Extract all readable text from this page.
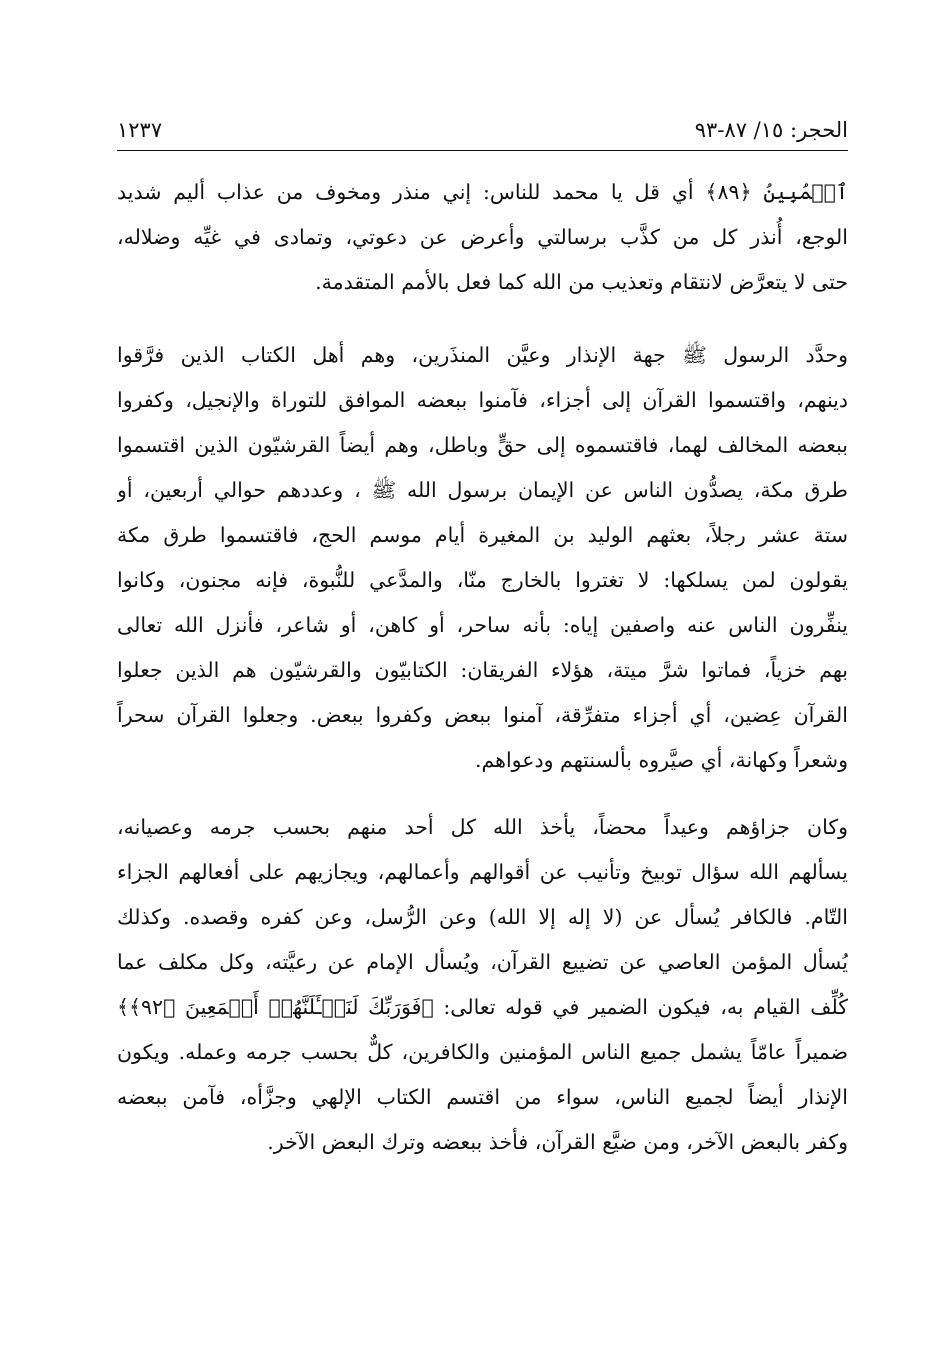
الحجر: ١٥/ ٨٧-٩٣
١٢٣٧
ٱلۡمُبِينُ ﴿٨٩﴾ أي قل يا محمد للناس: إني منذر ومخوف من عذاب أليم شديد
الوجع، أُنذر كل من كذَّب برسالتي وأعرض عن دعوتي، وتمادى في غيِّه وضلاله،
حتى لا يتعرَّض لانتقام وتعذيب من الله كما فعل بالأمم المتقدمة.
وحدَّد الرسول ﷺ جهة الإنذار وعيَّن المنذَرين، وهم أهل الكتاب الذين فرَّقوا
دينهم، واقتسموا القرآن إلى أجزاء، فآمنوا ببعضه الموافق للتوراة والإنجيل، وكفروا
ببعضه المخالف لهما، فاقتسموه إلى حقٍّ وباطل، وهم أيضاً القرشيّون الذين اقتسموا
طرق مكة، يصدُّون الناس عن الإيمان برسول الله ﷺ ، وعددهم حوالي أربعين، أو
ستة عشر رجلاً، بعثهم الوليد بن المغيرة أيام موسم الحج، فاقتسموا طرق مكة
يقولون لمن يسلكها: لا تغتروا بالخارج منّا، والمدَّعي للنُّبوة، فإنه مجنون، وكانوا
ينفِّرون الناس عنه واصفين إياه: بأنه ساحر، أو كاهن، أو شاعر، فأنزل الله تعالى
بهم خزياً، فماتوا شرَّ ميتة، هؤلاء الفريقان: الكتابيّون والقرشيّون هم الذين جعلوا
القرآن عِضين، أي أجزاء متفرِّقة، آمنوا ببعض وكفروا ببعض. وجعلوا القرآن سحراً
وشعراً وكهانة، أي صيَّروه بألسنتهم ودعواهم.
وكان جزاؤهم وعيداً محضاً، يأخذ الله كل أحد منهم بحسب جرمه وعصيانه،
يسألهم الله سؤال توبيخ وتأنيب عن أقوالهم وأعمالهم، ويجازيهم على أفعالهم الجزاء
التّام. فالكافر يُسأل عن (لا إله إلا الله) وعن الرُّسل، وعن كفره وقصده. وكذلك
يُسأل المؤمن العاصي عن تضييع القرآن، ويُسأل الإمام عن رعيَّته، وكل مكلف عما
كُلِّف القيام به، فيكون الضمير في قوله تعالى: ﴿فَوَرَبِّكَ لَنَسۡـَٔلَنَّهُمۡ أَجۡمَعِينَ ﴿٩٢﴾﴾
ضميراً عامّاً يشمل جميع الناس المؤمنين والكافرين، كلٌّ بحسب جرمه وعمله. ويكون
الإنذار أيضاً لجميع الناس، سواء من اقتسم الكتاب الإلهي وجزَّأه، فآمن ببعضه
وكفر بالبعض الآخر، ومن ضيَّع القرآن، فأخذ ببعضه وترك البعض الآخر.
